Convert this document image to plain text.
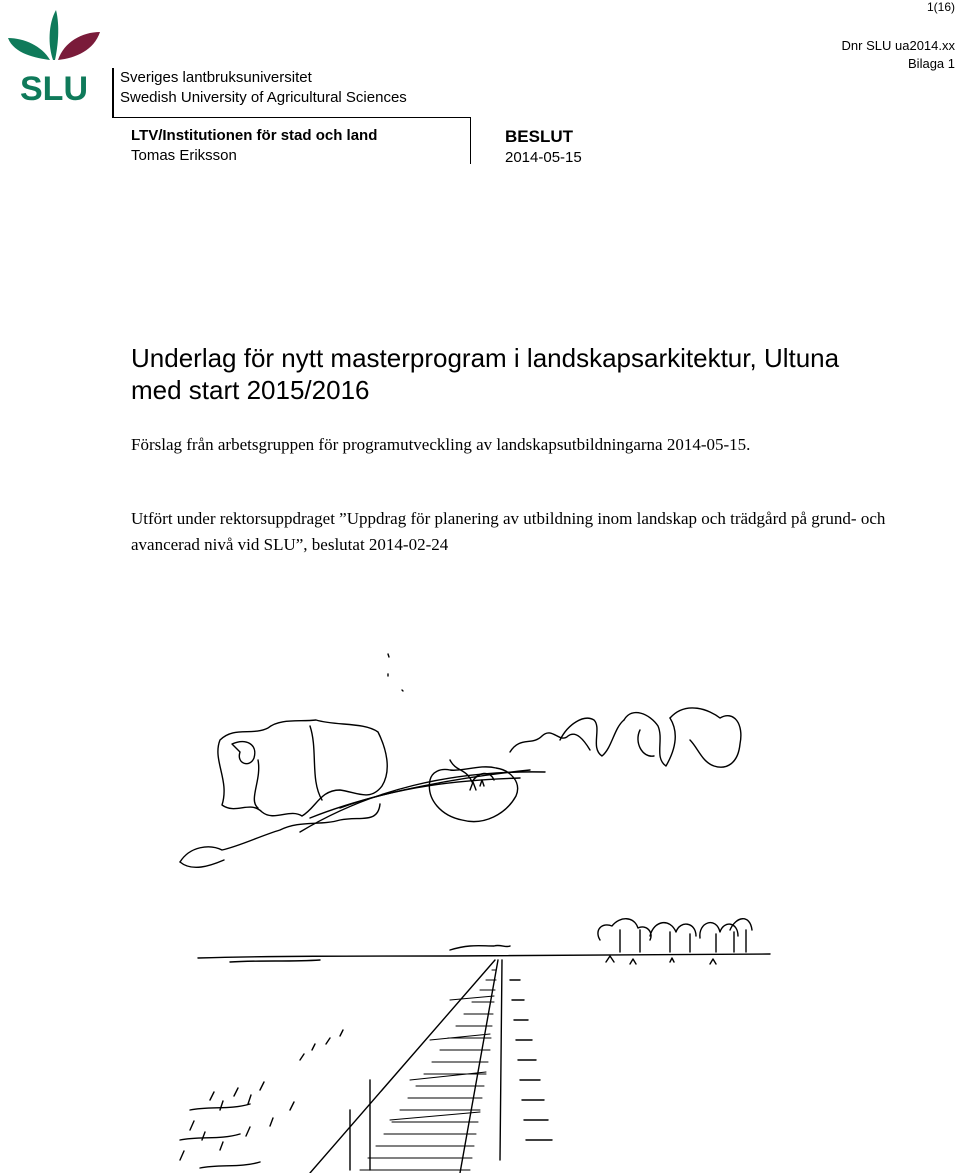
1(16)
Dnr SLU ua2014.xx
Bilaga 1
SLU Sveriges lantbruksuniversitet
Swedish University of Agricultural Sciences
LTV/Institutionen för stad och land
Tomas Eriksson
BESLUT
2014-05-15
Underlag för nytt masterprogram i landskapsarkitektur, Ultuna med start 2015/2016
Förslag från arbetsgruppen för programutveckling av landskapsutbildningarna 2014-05-15.
Utfört under rektorsuppdraget ”Uppdrag för planering av utbildning inom landskap och trädgård på grund- och avancerad nivå vid SLU”, beslutat 2014-02-24
